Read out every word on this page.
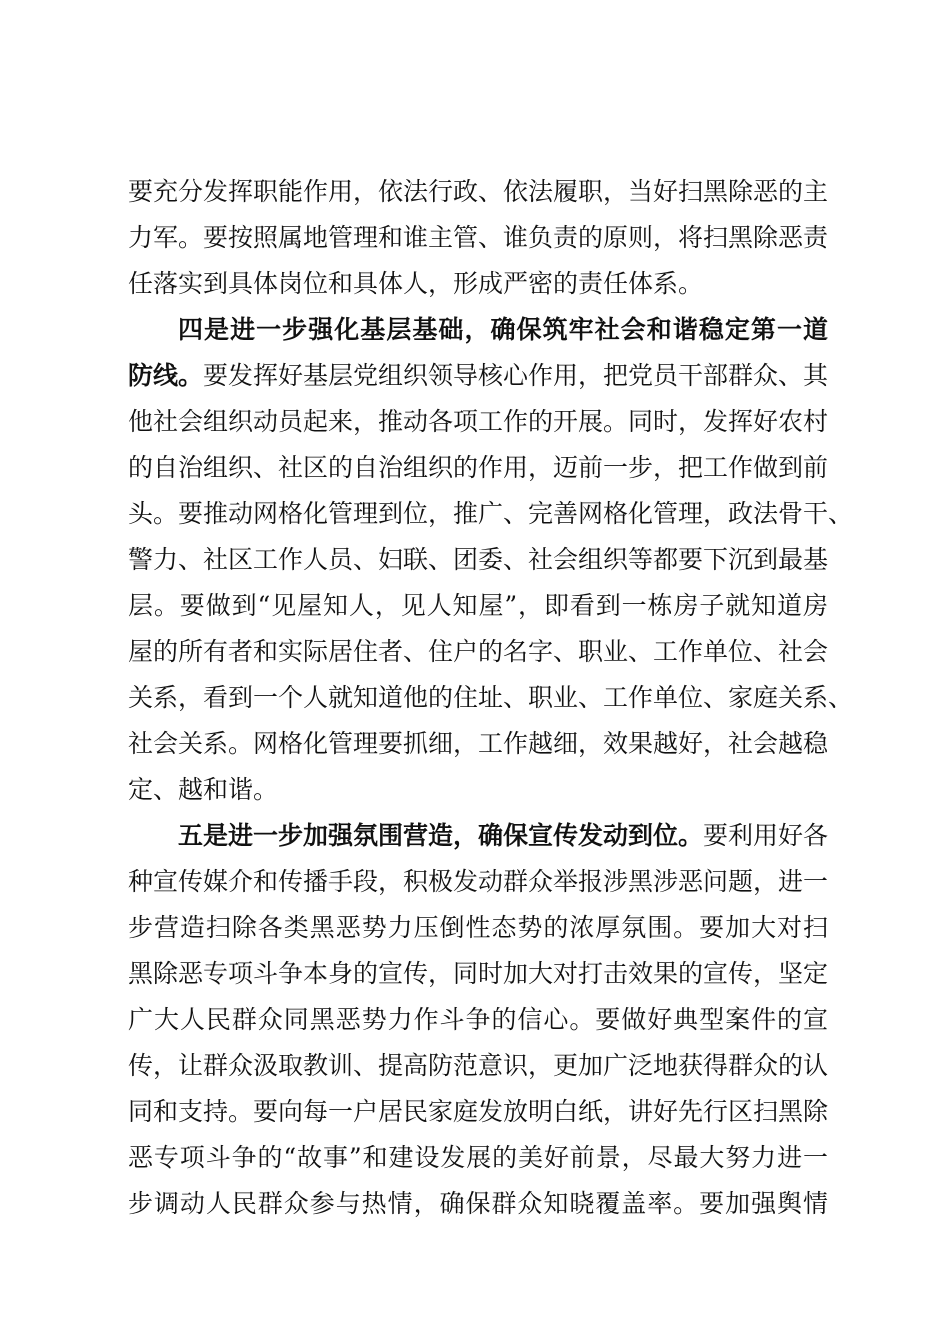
要充分发挥职能作用，依法行政、依法履职，当好扫黑除恶的主
力军。要按照属地管理和谁主管、谁负责的原则，将扫黑除恶责
任落实到具体岗位和具体人，形成严密的责任体系。
四是进一步强化基层基础，确保筑牢社会和谐稳定第一道
防线。要发挥好基层党组织领导核心作用，把党员干部群众、其
他社会组织动员起来，推动各项工作的开展。同时，发挥好农村
的自治组织、社区的自治组织的作用，迈前一步，把工作做到前
头。要推动网格化管理到位，推广、完善网格化管理，政法骨干、
警力、社区工作人员、妇联、团委、社会组织等都要下沉到最基
层。要做到“见屋知人，见人知屋”，即看到一栋房子就知道房
屋的所有者和实际居住者、住户的名字、职业、工作单位、社会
关系，看到一个人就知道他的住址、职业、工作单位、家庭关系、
社会关系。网格化管理要抓细，工作越细，效果越好，社会越稳
定、越和谐。
五是进一步加强氛围营造，确保宣传发动到位。要利用好各
种宣传媒介和传播手段，积极发动群众举报涉黑涉恶问题，进一
步营造扫除各类黑恶势力压倒性态势的浓厚氛围。要加大对扫
黑除恶专项斗争本身的宣传，同时加大对打击效果的宣传，坚定
广大人民群众同黑恶势力作斗争的信心。要做好典型案件的宣
传，让群众汲取教训、提高防范意识，更加广泛地获得群众的认
同和支持。要向每一户居民家庭发放明白纸，讲好先行区扫黑除
恶专项斗争的“故事”和建设发展的美好前景，尽最大努力进一
步调动人民群众参与热情，确保群众知晓覆盖率。要加强舆情
